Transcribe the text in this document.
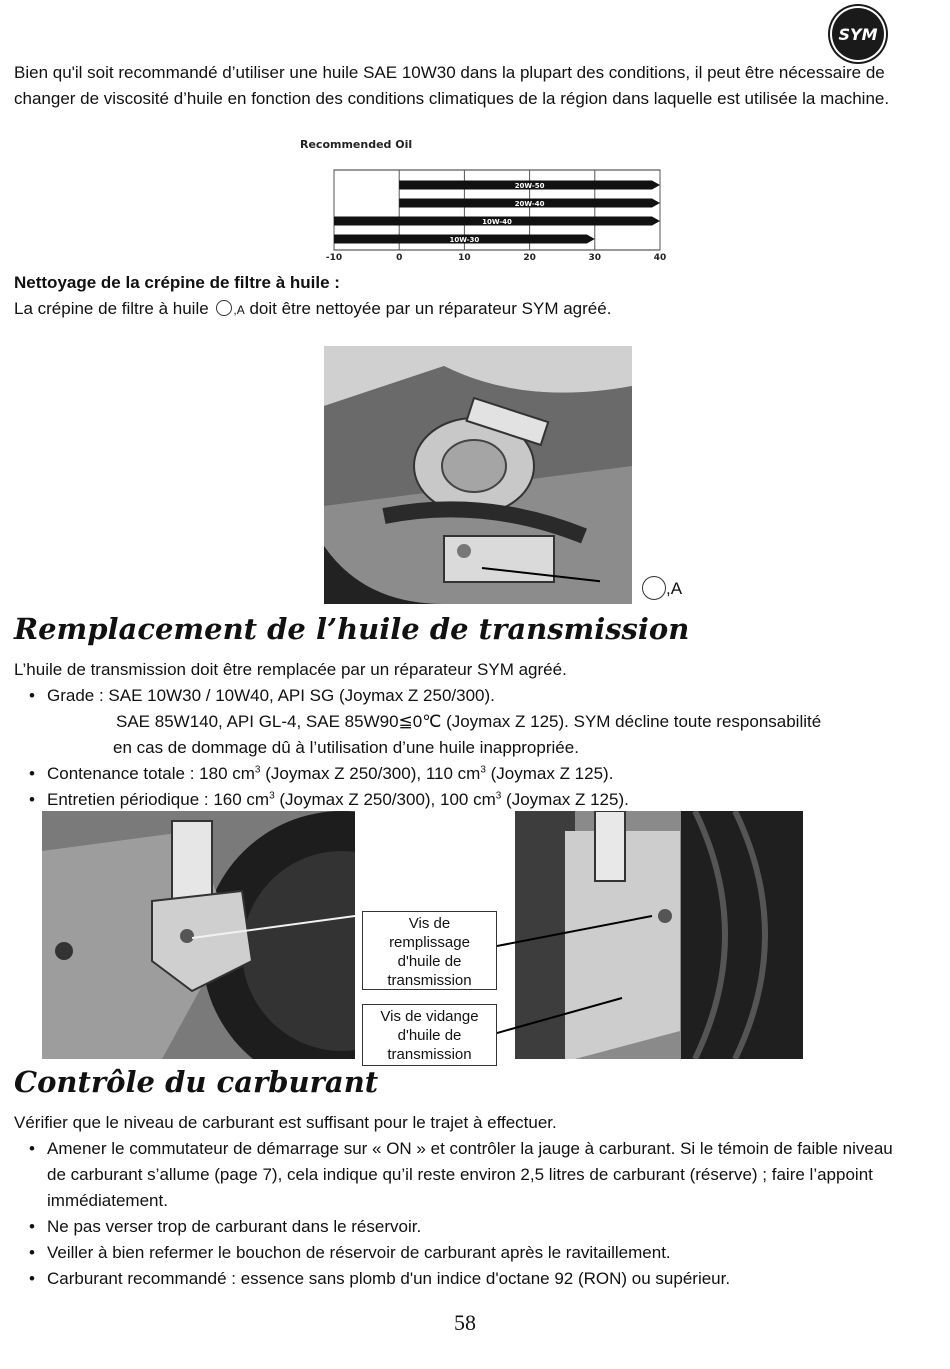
SYM

Bien qu'il soit recommandé d’utiliser une huile SAE 10W30 dans la plupart des conditions, il peut être nécessaire de changer de viscosité d’huile en fonction des conditions climatiques de la région dans laquelle est utilisée la machine.

Recommended Oil
-10	0	10	20	30	40
20W-50
20W-40
10W-40
10W-30

Nettoyage de la crépine de filtre à huile :

La crépine de filtre à huile ,A doit être nettoyée par un réparateur SYM agréé.

,A
Remplacement de l’huile de transmission
L’huile de transmission doit être remplacée par un réparateur SYM agréé.
• Grade : SAE 10W30 / 10W40, API SG (Joymax Z 250/300).
SAE 85W140, API GL-4, SAE 85W90≦0℃ (Joymax Z 125). SYM décline toute responsabilité
en cas de dommage dû à l’utilisation d’une huile inappropriée.
• Contenance totale : 180 $cm^3$ (Joymax Z 250/300), 110 $cm^3$ (Joymax Z 125).
• Entretien périodique : 160 $cm^3$ (Joymax Z 250/300), 100 $cm^3$ (Joymax Z 125).
Vis de remplissage d'huile de transmission
Vis de vidange d'huile de transmission
Contrôle du carburant
Vérifier que le niveau de carburant est suffisant pour le trajet à effectuer.
• Amener le commutateur de démarrage sur « ON » et contrôler la jauge à carburant. Si le témoin de faible niveau de carburant s’allume (page 7), cela indique qu’il reste environ 2,5 litres de carburant (réserve) ; faire l’appoint immédiatement.
• Ne pas verser trop de carburant dans le réservoir.
• Veiller à bien refermer le bouchon de réservoir de carburant après le ravitaillement.
• Carburant recommandé : essence sans plomb d'un indice d'octane 92 (RON) ou supérieur.
58
